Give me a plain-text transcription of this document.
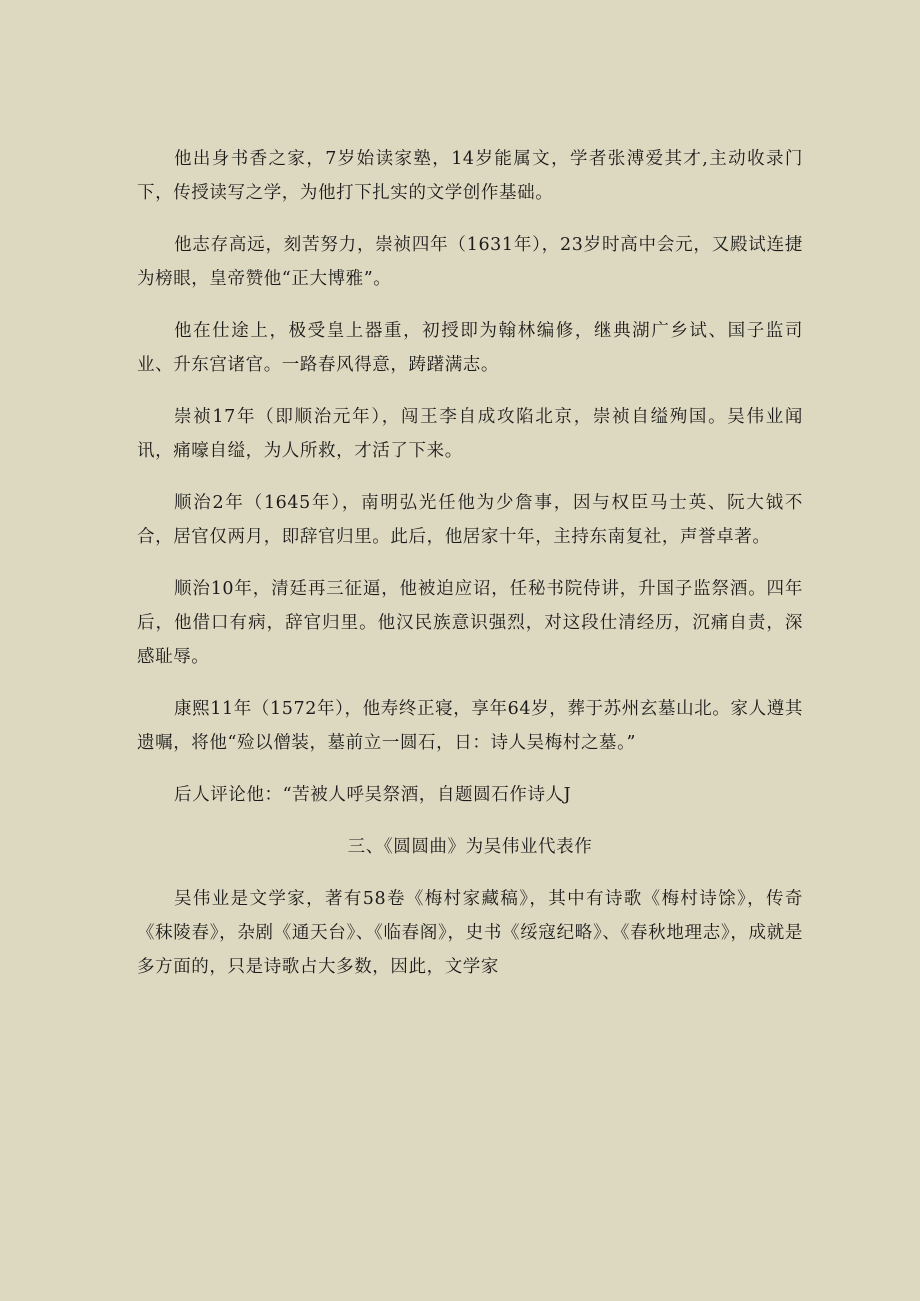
他出身书香之家，7岁始读家塾，14岁能属文，学者张溥爱其才,主动收录门下，传授读写之学，为他打下扎实的文学创作基础。

他志存高远，刻苦努力，崇祯四年（1631年），23岁时高中会元，又殿试连捷为榜眼，皇帝赞他“正大博雅”。

他在仕途上，极受皇上器重，初授即为翰林编修，继典湖广乡试、国子监司业、升东宫诸官。一路春风得意，踌躇满志。

崇祯17年（即顺治元年），闯王李自成攻陷北京，崇祯自缢殉国。吴伟业闻讯，痛嚎自缢，为人所救，才活了下来。

顺治2年（1645年），南明弘光任他为少詹事，因与权臣马士英、阮大钺不合，居官仅两月，即辞官归里。此后，他居家十年，主持东南复社，声誉卓著。

顺治10年，清廷再三征逼，他被迫应诏，任秘书院侍讲，升国子监祭酒。四年后，他借口有病，辞官归里。他汉民族意识强烈，对这段仕清经历，沉痛自责，深感耻辱。

康熙11年（1572年），他寿终正寝，享年64岁，葬于苏州玄墓山北。家人遵其遗嘱，将他“殓以僧装，墓前立一圆石，日：诗人吴梅村之墓。”

后人评论他：“苦被人呼吴祭酒，自题圆石作诗人J

三、《圆圆曲》为吴伟业代表作

吴伟业是文学家，著有58卷《梅村家藏稿》，其中有诗歌《梅村诗馀》，传奇《秣陵春》，杂剧《通天台》、《临春阁》，史书《绥寇纪略》、《春秋地理志》，成就是多方面的，只是诗歌占大多数，因此，文学家
